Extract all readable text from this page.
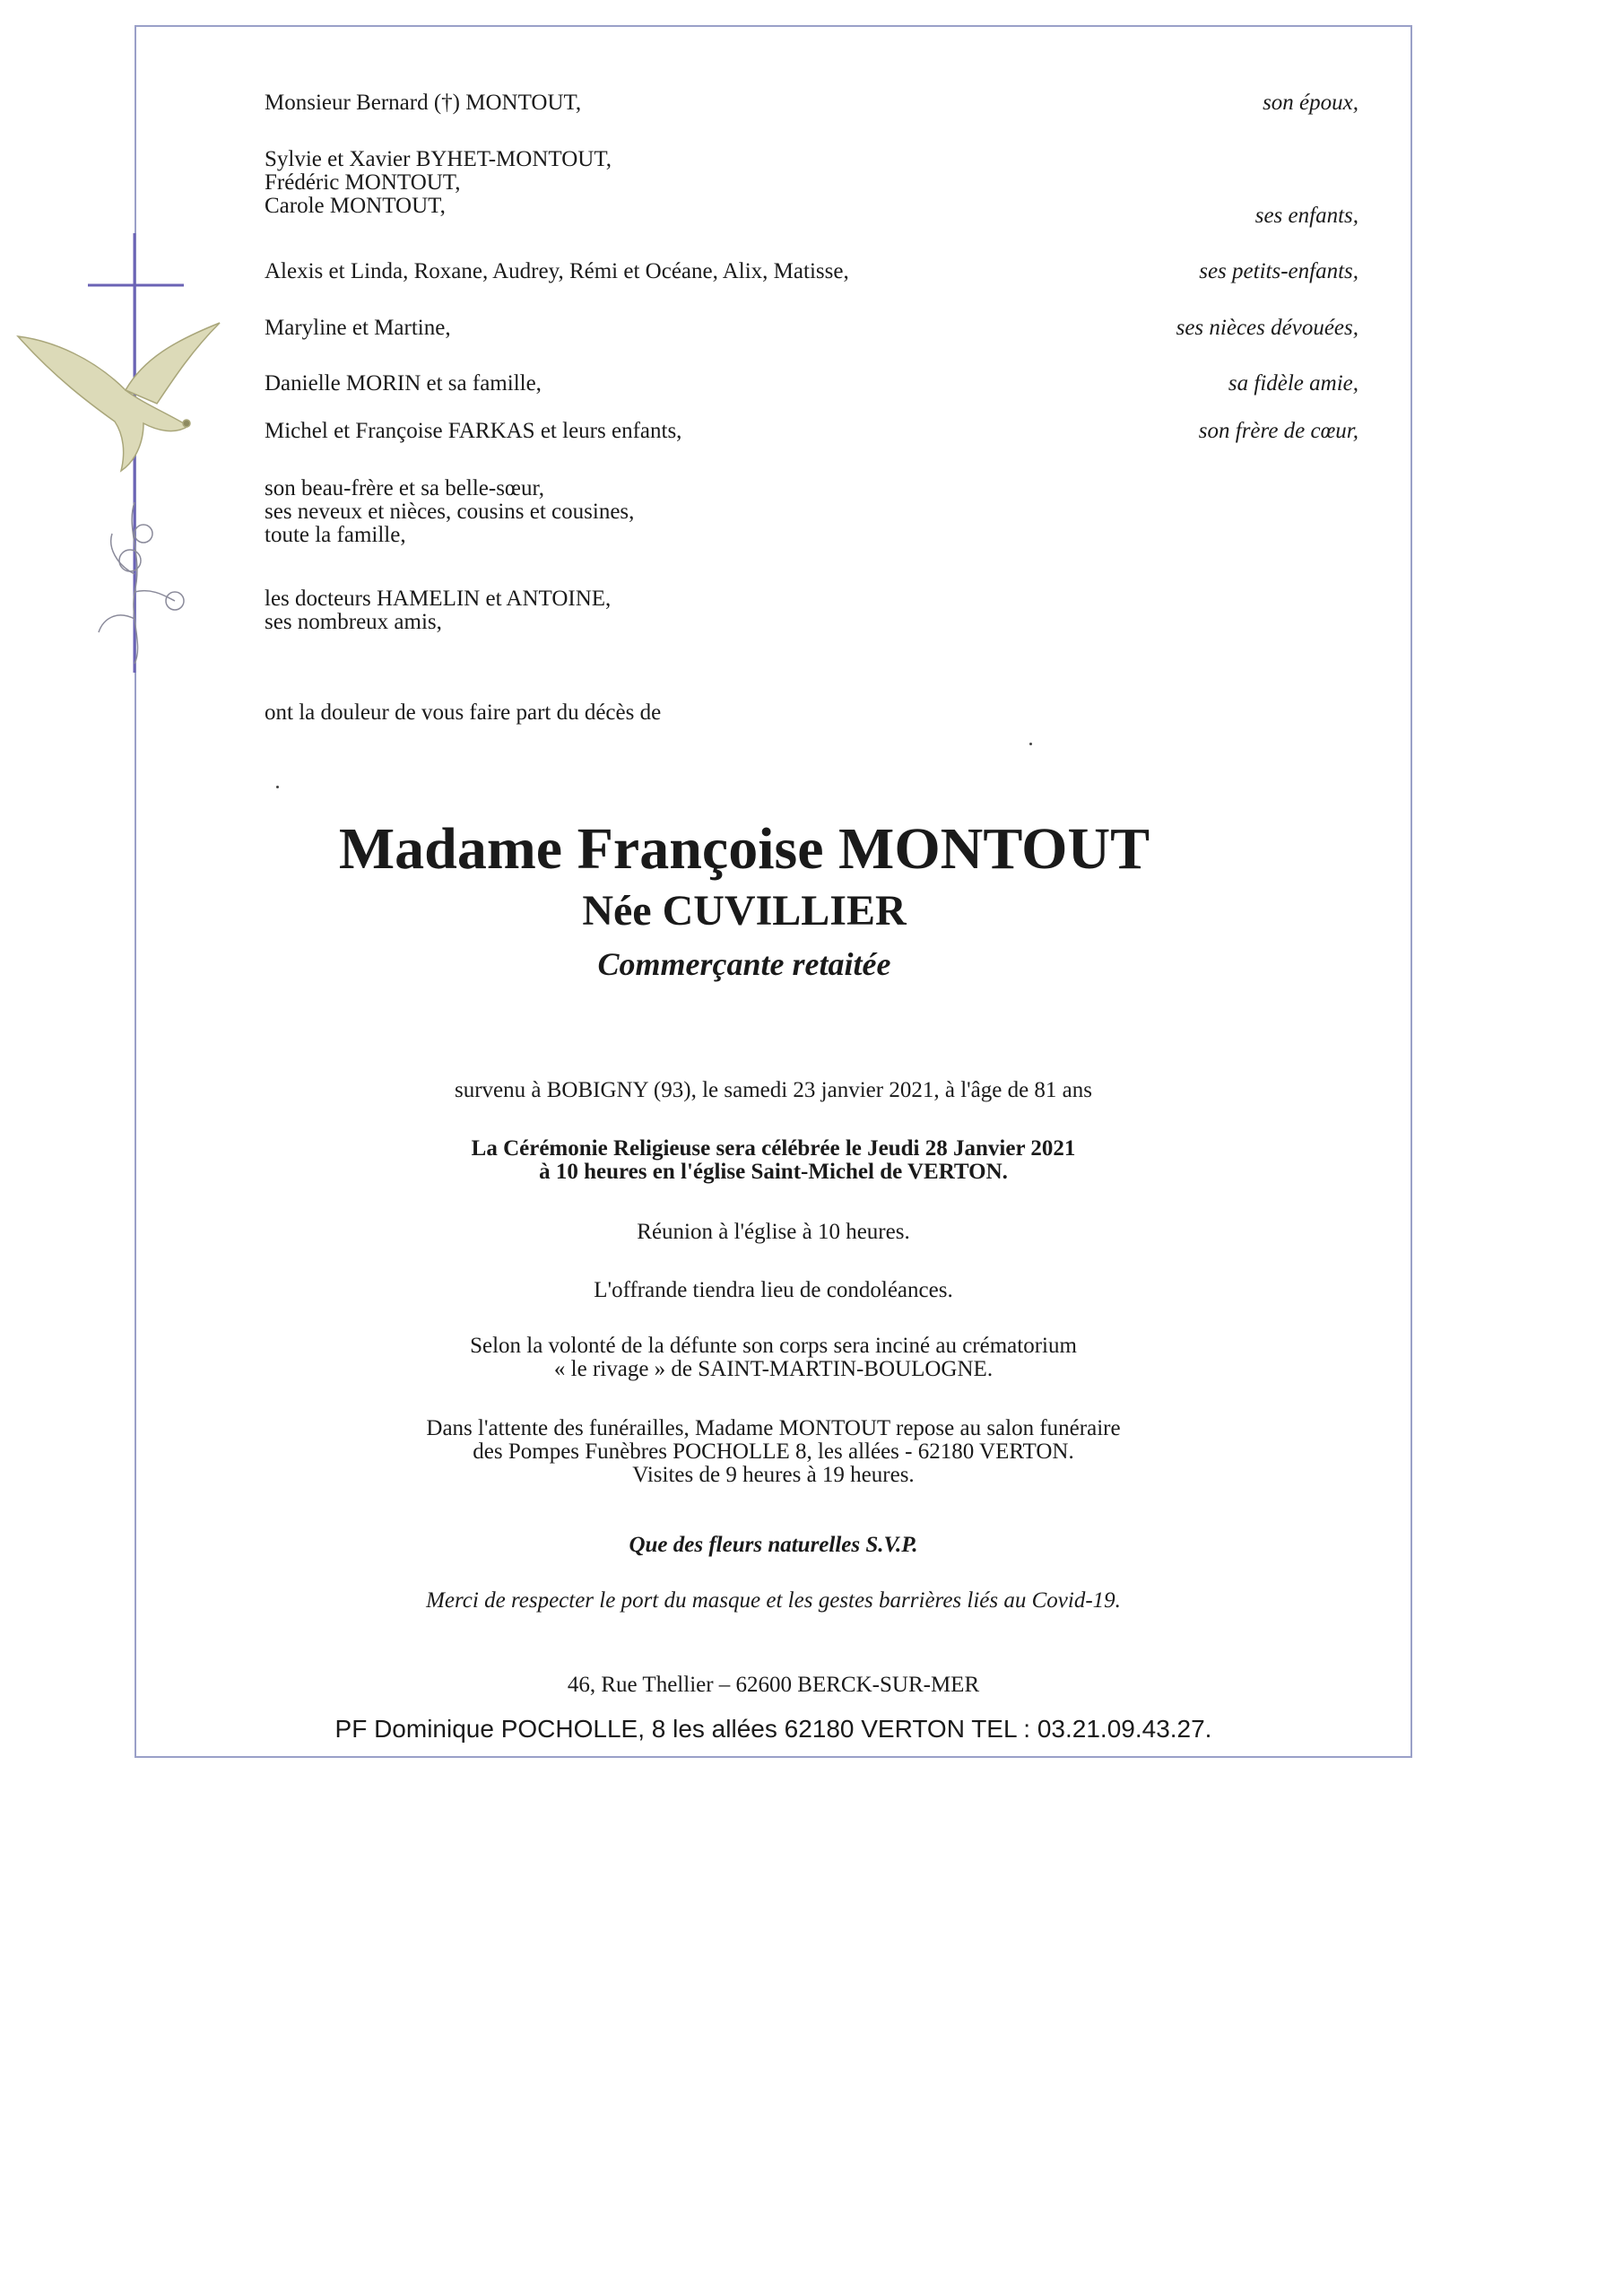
Monsieur Bernard (†) MONTOUT,	son époux,
Sylvie et Xavier BYHET-MONTOUT,
Frédéric MONTOUT,
Carole MONTOUT,	ses enfants,
Alexis et Linda, Roxane, Audrey, Rémi et Océane, Alix, Matisse,	ses petits-enfants,
Maryline et Martine,	ses nièces dévouées,
Danielle MORIN et sa famille,	sa fidèle amie,
Michel et Françoise FARKAS et leurs enfants,	son frère de cœur,
son beau-frère et sa belle-sœur,
ses neveux et nièces, cousins et cousines,
toute la famille,
les docteurs HAMELIN et ANTOINE,
ses nombreux amis,
ont la douleur de vous faire part du décès de
Madame Françoise MONTOUT
Née CUVILLIER
Commerçante retaitée
survenu à BOBIGNY (93), le samedi 23 janvier 2021, à l'âge de 81 ans
La Cérémonie Religieuse sera célébrée le Jeudi 28 Janvier 2021
à 10 heures en l'église Saint-Michel de VERTON.
Réunion à l'église à 10 heures.
L'offrande tiendra lieu de condoléances.
Selon la volonté de la défunte son corps sera inciné au crématorium
« le rivage » de SAINT-MARTIN-BOULOGNE.
Dans l'attente des funérailles, Madame MONTOUT repose au salon funéraire
des Pompes Funèbres POCHOLLE 8, les allées - 62180 VERTON.
Visites de 9 heures à 19 heures.
Que des fleurs naturelles S.V.P.
Merci de respecter le port du masque et les gestes barrières liés au Covid-19.
46, Rue Thellier – 62600 BERCK-SUR-MER
PF Dominique POCHOLLE, 8 les allées 62180 VERTON TEL : 03.21.09.43.27.
